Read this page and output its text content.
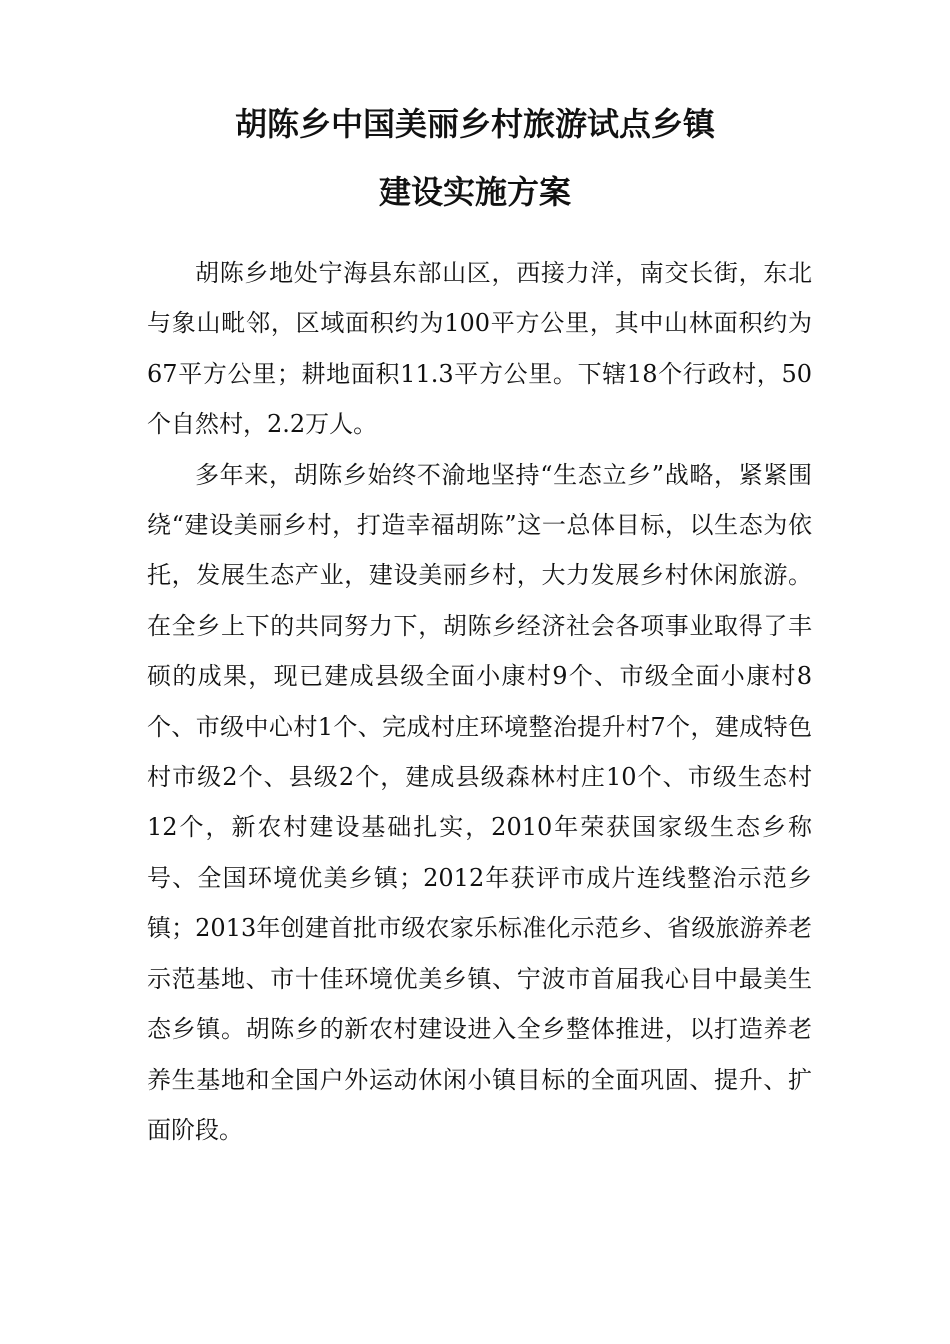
胡陈乡中国美丽乡村旅游试点乡镇
建设实施方案

胡陈乡地处宁海县东部山区，西接力洋，南交长街，东北与象山毗邻，区域面积约为100平方公里，其中山林面积约为67平方公里；耕地面积11.3平方公里。下辖18个行政村，50个自然村，2.2万人。

多年来，胡陈乡始终不渝地坚持“生态立乡”战略，紧紧围绕“建设美丽乡村，打造幸福胡陈”这一总体目标，以生态为依托，发展生态产业，建设美丽乡村，大力发展乡村休闲旅游。在全乡上下的共同努力下，胡陈乡经济社会各项事业取得了丰硕的成果，现已建成县级全面小康村9个、市级全面小康村8个、市级中心村1个、完成村庄环境整治提升村7个，建成特色村市级2个、县级2个，建成县级森林村庄10个、市级生态村12个，新农村建设基础扎实，2010年荣获国家级生态乡称号、全国环境优美乡镇；2012年获评市成片连线整治示范乡镇；2013年创建首批市级农家乐标准化示范乡、省级旅游养老示范基地、市十佳环境优美乡镇、宁波市首届我心目中最美生态乡镇。胡陈乡的新农村建设进入全乡整体推进，以打造养老养生基地和全国户外运动休闲小镇目标的全面巩固、提升、扩面阶段。
